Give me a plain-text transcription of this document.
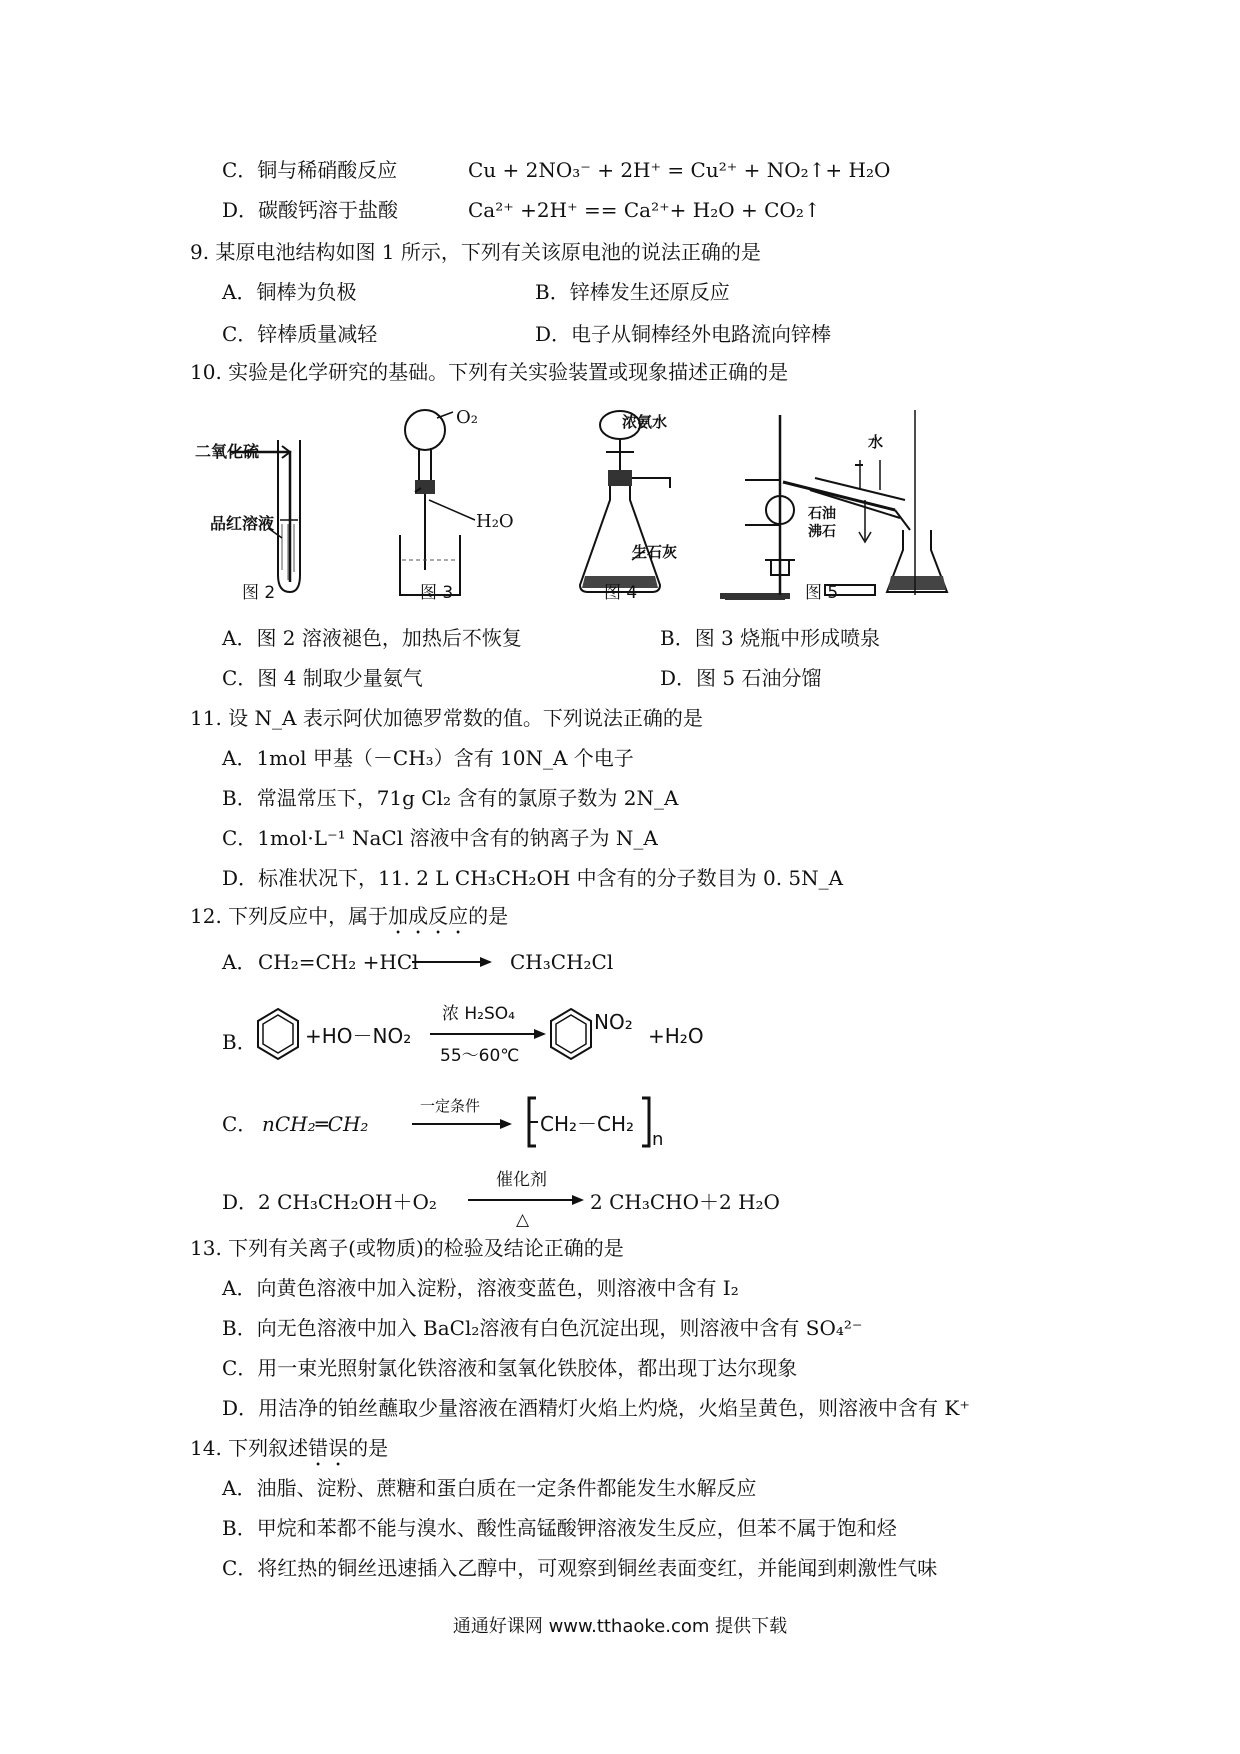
C．铜与稀硝酸反应	Cu + 2NO₃⁻ + 2H⁺ = Cu²⁺ + NO₂↑+ H₂O
D．碳酸钙溶于盐酸	Ca²⁺ +2H⁺ == Ca²⁺+ H₂O + CO₂↑
9. 某原电池结构如图 1 所示，下列有关该原电池的说法正确的是
A．铜棒为负极	B．锌棒发生还原反应
C．锌棒质量减轻	D．电子从铜棒经外电路流向锌棒
10. 实验是化学研究的基础。下列有关实验装置或现象描述正确的是
二氧化硫
品红溶液
图 2
O₂
H₂O
图 3
浓氨水
生石灰
图 4
水
石油
沸石
图 5
A．图 2 溶液褪色，加热后不恢复	B．图 3 烧瓶中形成喷泉
C．图 4 制取少量氨气	D．图 5 石油分馏
11. 设 N_A 表示阿伏加德罗常数的值。下列说法正确的是
A．1mol 甲基（－CH₃）含有 10N_A 个电子
B．常温常压下，71g Cl₂ 含有的氯原子数为 2N_A
C．1mol·L⁻¹ NaCl 溶液中含有的钠离子为 N_A
D．标准状况下，11. 2 L CH₃CH₂OH 中含有的分子数目为 0. 5N_A
12. 下列反应中，属于加成反应的是
A． CH₂=CH₂ +HCl	CH₃CH₂Cl
B． +HO－NO₂
浓 H₂SO₄
55～60℃
NO₂
+H₂O
C． nCH₂═CH₂
一定条件
CH₂－CH₂
n
D． 2 CH₃CH₂OH＋O₂
催化剂
△
2 CH₃CHO＋2 H₂O
13. 下列有关离子(或物质)的检验及结论正确的是
A．向黄色溶液中加入淀粉，溶液变蓝色，则溶液中含有 I₂
B．向无色溶液中加入 BaCl₂溶液有白色沉淀出现，则溶液中含有 SO₄²⁻
C．用一束光照射氯化铁溶液和氢氧化铁胶体，都出现丁达尔现象
D．用洁净的铂丝蘸取少量溶液在酒精灯火焰上灼烧，火焰呈黄色，则溶液中含有 K⁺
14. 下列叙述错误的是
A．油脂、淀粉、蔗糖和蛋白质在一定条件都能发生水解反应
B．甲烷和苯都不能与溴水、酸性高锰酸钾溶液发生反应，但苯不属于饱和烃
C．将红热的铜丝迅速插入乙醇中，可观察到铜丝表面变红，并能闻到刺激性气味
通通好课网 www.tthaoke.com 提供下载
